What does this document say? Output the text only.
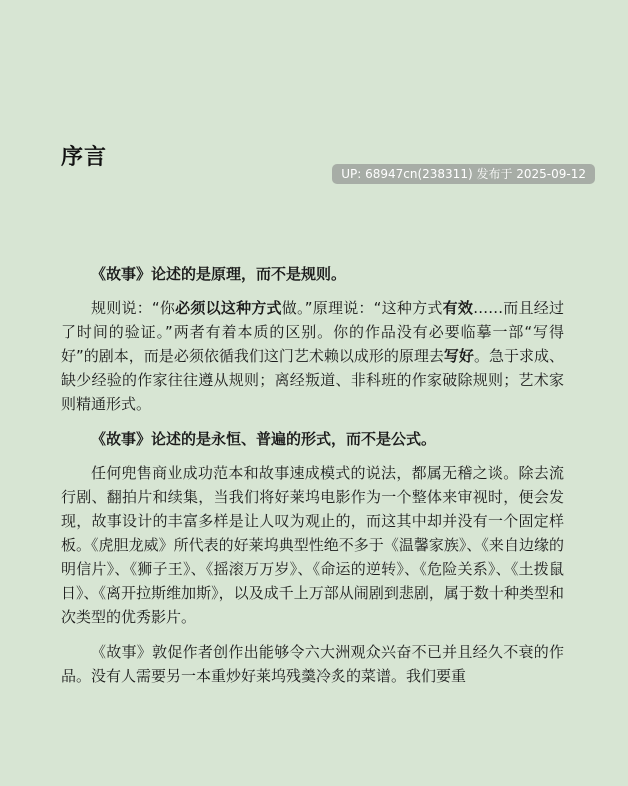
序言
UP: 68947cn(238311) 发布于 2025-09-12

《故事》论述的是原理，而不是规则。

规则说：“你必须以这种方式做。”原理说：“这种方式有效……而且经过了时间的验证。”两者有着本质的区别。你的作品没有必要临摹一部“写得好”的剧本，而是必须依循我们这门艺术赖以成形的原理去写好。急于求成、缺少经验的作家往往遵从规则；离经叛道、非科班的作家破除规则；艺术家则精通形式。

《故事》论述的是永恒、普遍的形式，而不是公式。

任何兜售商业成功范本和故事速成模式的说法，都属无稽之谈。除去流行剧、翻拍片和续集，当我们将好莱坞电影作为一个整体来审视时，便会发现，故事设计的丰富多样是让人叹为观止的，而这其中却并没有一个固定样板。《虎胆龙威》所代表的好莱坞典型性绝不多于《温馨家族》、《来自边缘的明信片》、《狮子王》、《摇滚万万岁》、《命运的逆转》、《危险关系》、《土拨鼠日》、《离开拉斯维加斯》，以及成千上万部从闹剧到悲剧，属于数十种类型和次类型的优秀影片。

《故事》敦促作者创作出能够令六大洲观众兴奋不已并且经久不衰的作品。没有人需要另一本重炒好莱坞残羹冷炙的菜谱。我们要重
